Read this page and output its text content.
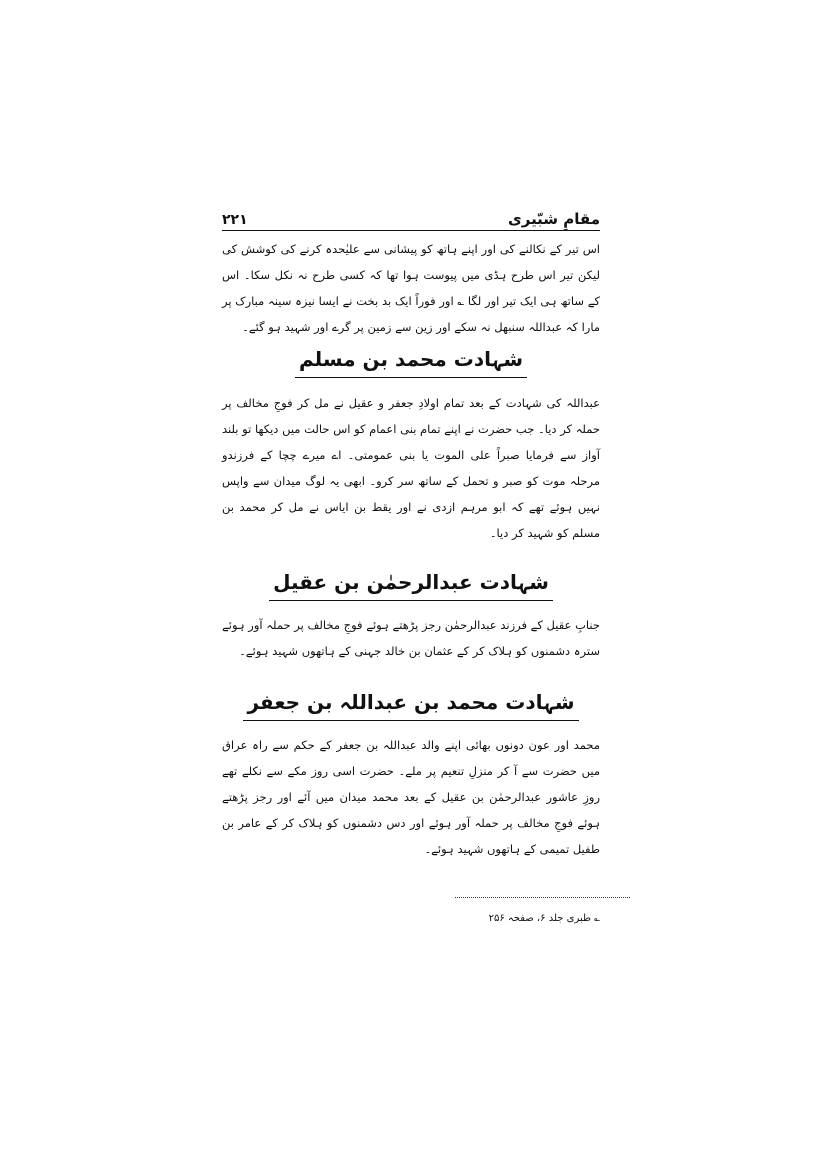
۲۲۱	مقامِ شبّیری

اس تیر کے نکالنے کی اور اپنے ہاتھ کو پیشانی سے علیٰحدہ کرنے کی کوشش کی لیکن تیر اس طرح ہڈی میں پیوست ہوا تھا کہ کسی طرح نہ نکل سکا۔ اس کے ساتھ ہی ایک تیر اور لگا ؎ اور فوراً ایک بد بخت نے ایسا نیزہ سینہ مبارک پر مارا کہ عبداللہ سنبھل نہ سکے اور زین سے زمین پر گرے اور شہید ہو گئے۔

شہادت محمد بن مسلم

عبداللہ کی شہادت کے بعد تمام اولادِ جعفر و عقیل نے مل کر فوجِ مخالف پر حملہ کر دیا۔ جب حضرت نے اپنے تمام بنی اعمام کو اس حالت میں دیکھا تو بلند آواز سے فرمایا صبراً علی الموت یا بنی عمومتی۔ اے میرے چچا کے فرزندو مرحلہ موت کو صبر و تحمل کے ساتھ سر کرو۔ ابھی یہ لوگ میدان سے واپس نہیں ہوئے تھے کہ ابو مرہم ازدی نے اور یقط بن ایاس نے مل کر محمد بن مسلم کو شہید کر دیا۔

شہادت عبدالرحمٰن بن عقیل

جنابِ عقیل کے فرزند عبدالرحمٰن رجز پڑھتے ہوئے فوجِ مخالف پر حملہ آور ہوئے سترہ دشمنوں کو ہلاک کر کے عثمان بن خالد جہنی کے ہاتھوں شہید ہوئے۔

شہادت محمد بن عبداللہ بن جعفر

محمد اور عون دونوں بھائی اپنے والد عبداللہ بن جعفر کے حکم سے راہ عراق میں حضرت سے آ کر منزلِ تنعیم پر ملے۔ حضرت اسی روز مکے سے نکلے تھے روزِ عاشور عبدالرحمٰن بن عقیل کے بعد محمد میدان میں آئے اور رجز پڑھتے ہوئے فوجِ مخالف پر حملہ آور ہوئے اور دس دشمنوں کو ہلاک کر کے عامر بن طفیل تمیمی کے ہاتھوں شہید ہوئے۔

؎ طبری جلد ۶، صفحہ ۲۵۶
